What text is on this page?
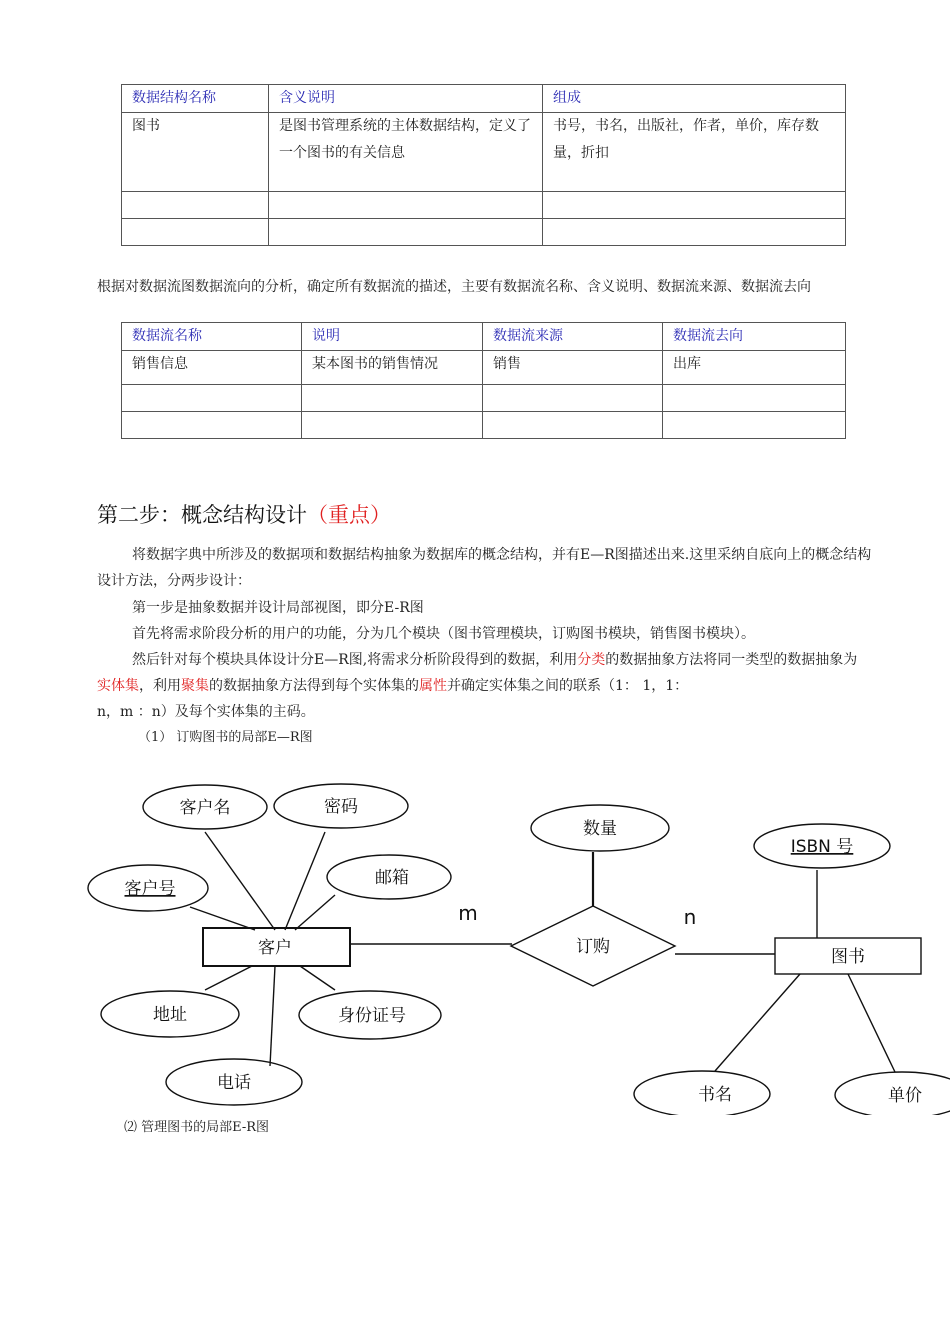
数据结构名称	含义说明	组成
图书	是图书管理系统的主体数据结构，定义了一个图书的有关信息	书号，书名，出版社，作者，单价，库存数量，折扣

根据对数据流图数据流向的分析，确定所有数据流的描述，主要有数据流名称、含义说明、数据流来源、数据流去向
数据流名称	说明	数据流来源	数据流去向
销售信息	某本图书的销售情况	销售	出库

第二步：概念结构设计（重点）
将数据字典中所涉及的数据项和数据结构抽象为数据库的概念结构，并有E—R图描述出来.这里采纳自底向上的概念结构设计方法，分两步设计：
第一步是抽象数据并设计局部视图，即分E-R图
首先将需求阶段分析的用户的功能，分为几个模块（图书管理模块，订购图书模块，销售图书模块）。
然后针对每个模块具体设计分E—R图,将需求分析阶段得到的数据，利用分类的数据抽象方法将同一类型的数据抽象为
实体集，利用聚集的数据抽象方法得到每个实体集的属性并确定实体集之间的联系（1： 1，1：
n，m ：n）及每个实体集的主码。
（1） 订购图书的局部E—R图
客户	图书
订购
客户名	密码
邮箱
客户号
地址	身份证号
电话
数量
ISBN 号
书名	单价
m	n
⑵ 管理图书的局部E-R图
